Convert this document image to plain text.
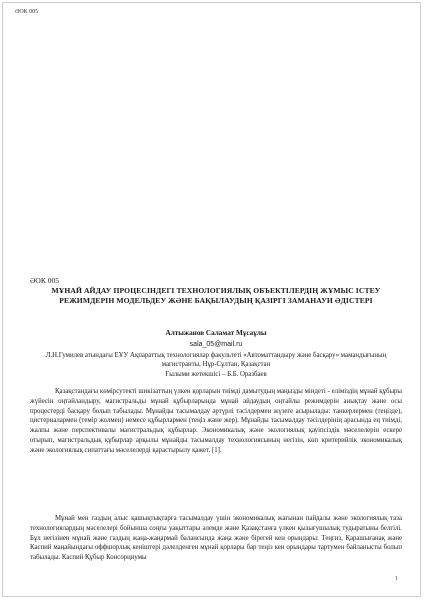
ӘОК 005
ӘОК 005
МҰНАЙ АЙДАУ ПРОЦЕСІНДЕГІ ТЕХНОЛОГИЯЛЫҚ ОБЪЕКТІЛЕРДІҢ ЖҰМЫС ІСТЕУ РЕЖИМДЕРІН МОДЕЛЬДЕУ ЖӘНЕ БАҚЫЛАУДЫҢ ҚАЗІРГІ ЗАМАНАУИ ӘДІСТЕРІ
Алтыжанов Саламат Мұсаұлы
sala_05@mail.ru
Л.Н.Гумилев атындағы ЕҰУ Ақпараттық технологиялар факультеті «Автоматтандыру және басқару» мамандығының магистранты, Нұр-Сұлтан, Қазақстан
Ғылыми жетекшісі – Б.Б. Оразбаев
Қазақстандағы көмірсутекті шикізаттың үлкен қорларын тиімді дамытудың маңызды міндеті - еліміздің мұнай құбыры жүйесін оңтайландыру, магистральды мұнай құбырларында мұнай айдаудың оңтайлы режимдерін анықтау және осы процестерді басқару болып табылады. Мұнайды тасымалдау әртүрлі тәсілдермен жүзеге асырылады: танкерлермен (теңізде), цистерналармен (темір жолмен) немесе құбырлармен (теңіз және жер). Мұнайды тасымалдау тәсілдерінің арасында ең тиімді, жалпы және перспективалы магистральдық құбырлар. Экономикалық және экологиялық қауіпсіздік мәселелерін ескере отырып, магистральдық құбырлар арқылы мұнайды тасымалдау технологиясының негізін, көп критерийлік экономикалық және экологиялық сипаттағы мәселелерді қарастырылу қажет. [1].
Мұнай мен газдың алыс қашықтықтарға тасымалдау үшін экономикалық жағынан пайдалы және экологиялық таза технологиялардың мәселелері бойынша соңғы уақыттары әлемде және Қазақстанға үлкен қызығушылық тудыратыны белгілі. Бұл негізінен мұнай және газдың жаңа-жаңармай балансында жаңа және бірегей кен орындары: Теңгиз, Қарашығанақ және Каспий маңайындағы оффшорлық кеніштері дәлелденген мұнай қорлары бар теңіз кен орындары тартумен байланысты болып табылады. Каспий Құбыр Консорциумы
1
